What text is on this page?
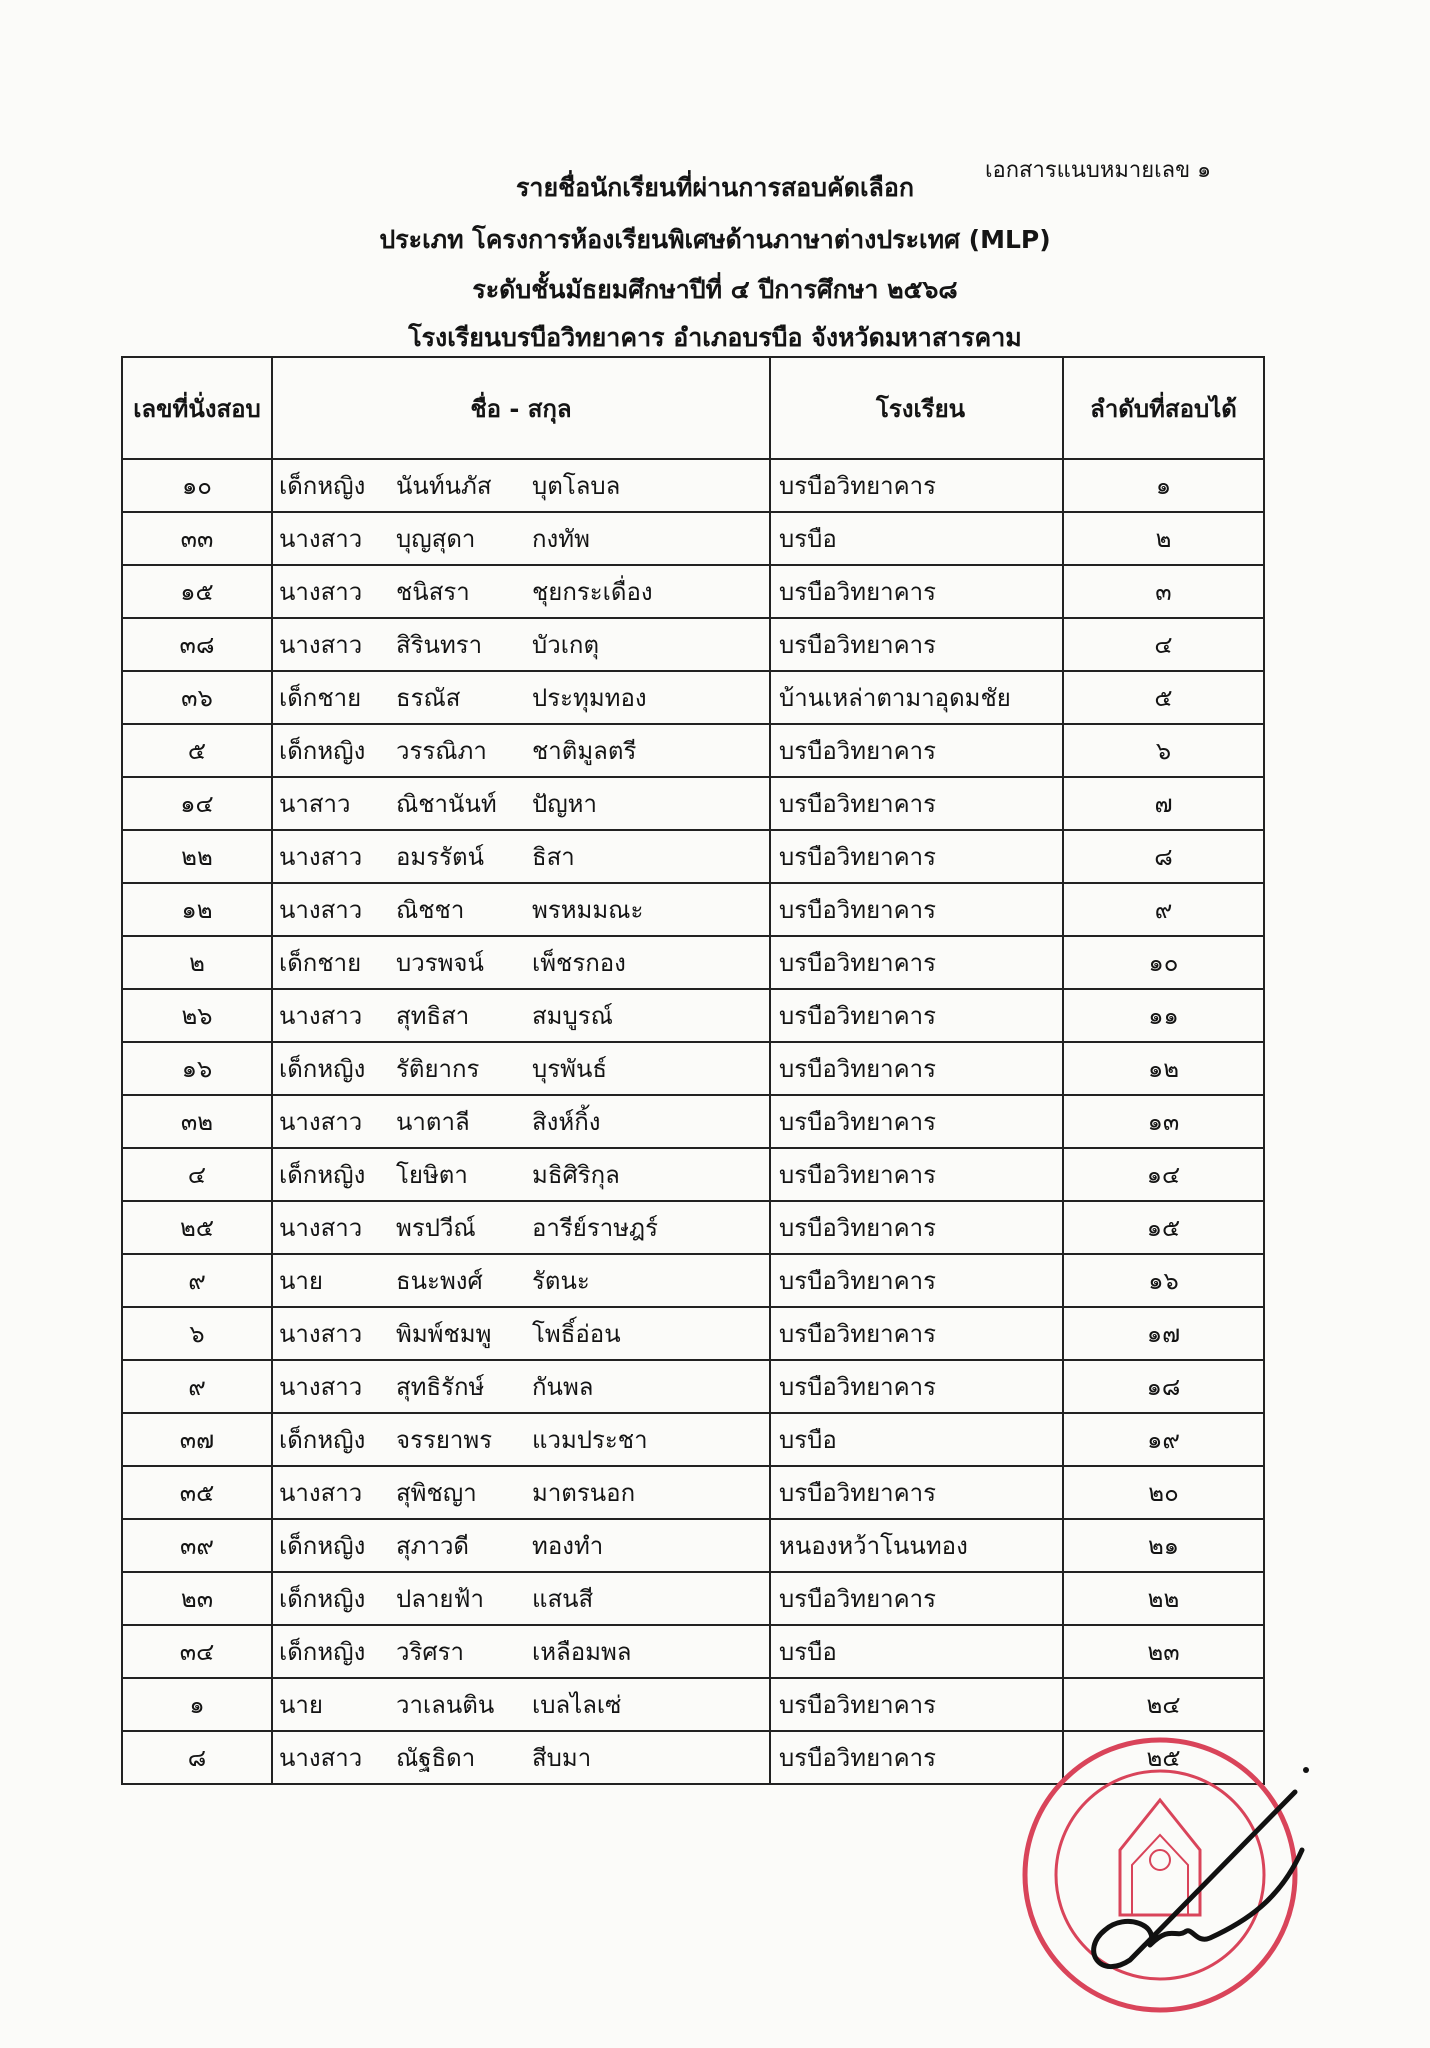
เอกสารแนบหมายเลข ๑
รายชื่อนักเรียนที่ผ่านการสอบคัดเลือก
ประเภท โครงการห้องเรียนพิเศษด้านภาษาต่างประเทศ (MLP)
ระดับชั้นมัธยมศึกษาปีที่ ๔ ปีการศึกษา ๒๕๖๘
โรงเรียนบรบือวิทยาคาร อำเภอบรบือ จังหวัดมหาสารคาม
เลขที่นั่งสอบ	ชื่อ - สกุล	โรงเรียน	ลำดับที่สอบได้
๑๐	เด็กหญิง นันท์นภัส บุตโลบล	บรบือวิทยาคาร	๑
๓๓	นางสาว บุญสุดา กงทัพ	บรบือ	๒
๑๕	นางสาว ชนิสรา ชุยกระเดื่อง	บรบือวิทยาคาร	๓
๓๘	นางสาว สิรินทรา บัวเกตุ	บรบือวิทยาคาร	๔
๓๖	เด็กชาย ธรณัส ประทุมทอง	บ้านเหล่าตามาอุดมชัย	๕
๕	เด็กหญิง วรรณิภา ชาติมูลตรี	บรบือวิทยาคาร	๖
๑๔	นาสาว ณิชานันท์ ปัญหา	บรบือวิทยาคาร	๗
๒๒	นางสาว อมรรัตน์ ธิสา	บรบือวิทยาคาร	๘
๑๒	นางสาว ณิชชา พรหมมณะ	บรบือวิทยาคาร	๙
๒	เด็กชาย บวรพจน์ เพ็ชรกอง	บรบือวิทยาคาร	๑๐
๒๖	นางสาว สุทธิสา สมบูรณ์	บรบือวิทยาคาร	๑๑
๑๖	เด็กหญิง รัติยากร บุรพันธ์	บรบือวิทยาคาร	๑๒
๓๒	นางสาว นาตาลี สิงห์กิ้ง	บรบือวิทยาคาร	๑๓
๔	เด็กหญิง โยษิตา มธิศิริกุล	บรบือวิทยาคาร	๑๔
๒๕	นางสาว พรปวีณ์ อารีย์ราษฎร์	บรบือวิทยาคาร	๑๕
๙	นาย ธนะพงศ์ รัตนะ	บรบือวิทยาคาร	๑๖
๖	นางสาว พิมพ์ชมพู โพธิ์อ่อน	บรบือวิทยาคาร	๑๗
๙	นางสาว สุทธิรักษ์ กันพล	บรบือวิทยาคาร	๑๘
๓๗	เด็กหญิง จรรยาพร แวมประชา	บรบือ	๑๙
๓๕	นางสาว สุพิชญา มาตรนอก	บรบือวิทยาคาร	๒๐
๓๙	เด็กหญิง สุภาวดี ทองทำ	หนองหว้าโนนทอง	๒๑
๒๓	เด็กหญิง ปลายฟ้า แสนสี	บรบือวิทยาคาร	๒๒
๓๔	เด็กหญิง วริศรา เหลือมพล	บรบือ	๒๓
๑	นาย วาเลนติน เบลไลเซ่	บรบือวิทยาคาร	๒๔
๘	นางสาว ณัฐธิดา สีบมา	บรบือวิทยาคาร	๒๕
